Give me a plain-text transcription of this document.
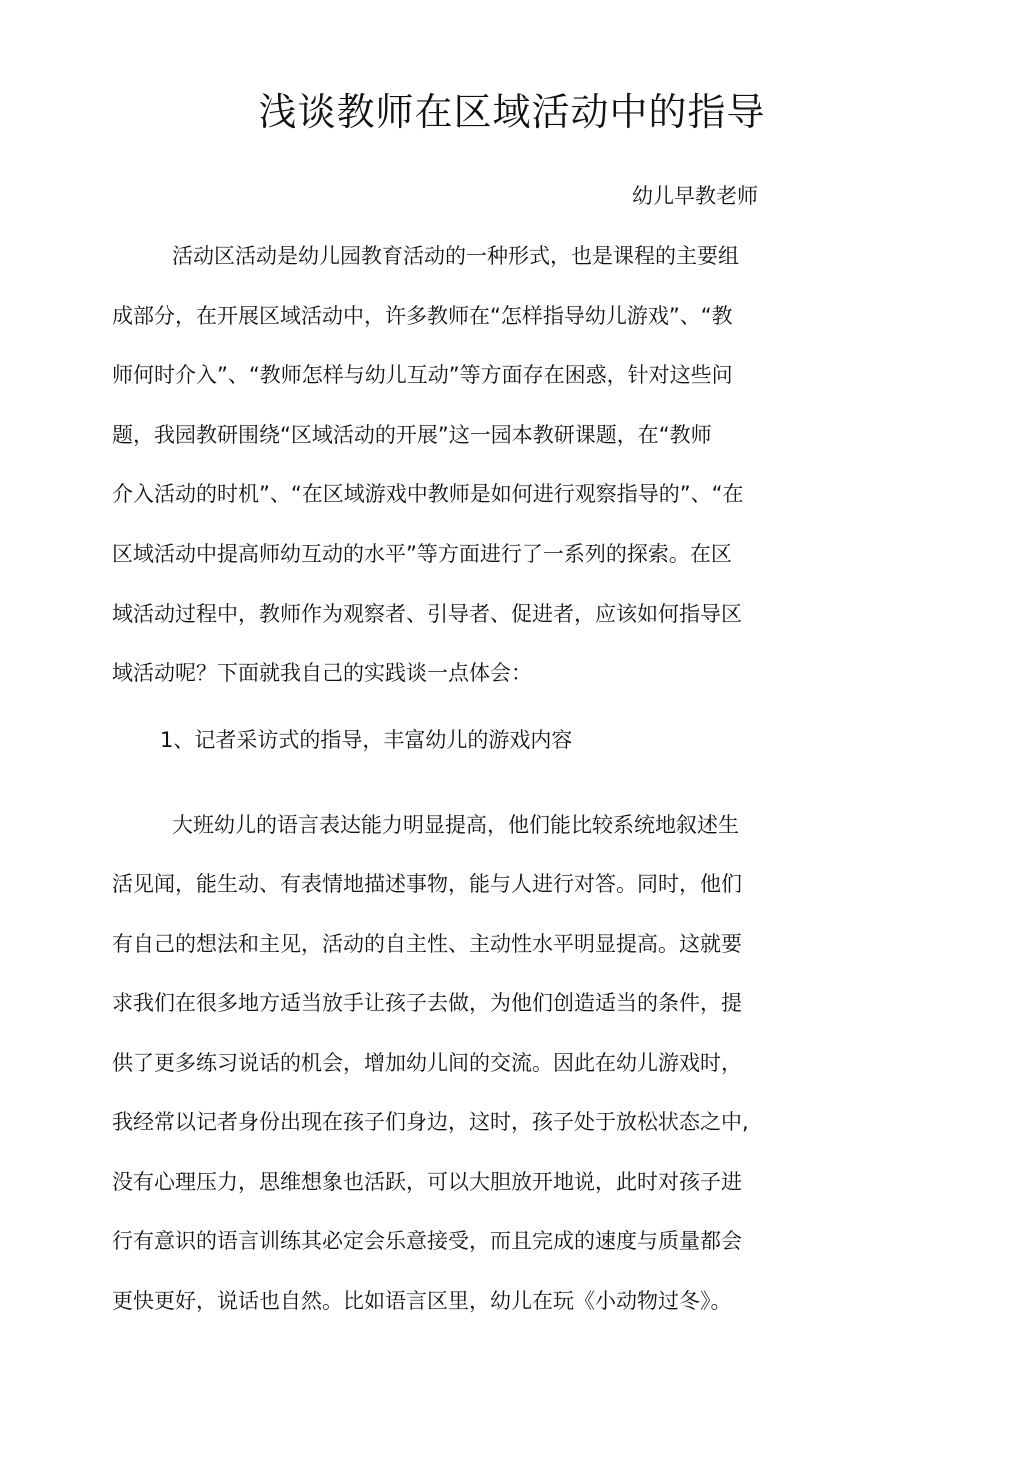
浅谈教师在区域活动中的指导
幼儿早教老师
活动区活动是幼儿园教育活动的一种形式，也是课程的主要组
成部分，在开展区域活动中，许多教师在“怎样指导幼儿游戏”、“教
师何时介入”、“教师怎样与幼儿互动”等方面存在困惑，针对这些问
题，我园教研围绕“区域活动的开展”这一园本教研课题，在“教师
介入活动的时机”、“在区域游戏中教师是如何进行观察指导的”、“在
区域活动中提高师幼互动的水平”等方面进行了一系列的探索。在区
域活动过程中，教师作为观察者、引导者、促进者，应该如何指导区
域活动呢？下面就我自己的实践谈一点体会：
1、记者采访式的指导，丰富幼儿的游戏内容
大班幼儿的语言表达能力明显提高，他们能比较系统地叙述生
活见闻，能生动、有表情地描述事物，能与人进行对答。同时，他们
有自己的想法和主见，活动的自主性、主动性水平明显提高。这就要
求我们在很多地方适当放手让孩子去做，为他们创造适当的条件，提
供了更多练习说话的机会，增加幼儿间的交流。因此在幼儿游戏时，
我经常以记者身份出现在孩子们身边，这时，孩子处于放松状态之中,
没有心理压力，思维想象也活跃，可以大胆放开地说，此时对孩子进
行有意识的语言训练其必定会乐意接受，而且完成的速度与质量都会
更快更好，说话也自然。比如语言区里，幼儿在玩《小动物过冬》。
